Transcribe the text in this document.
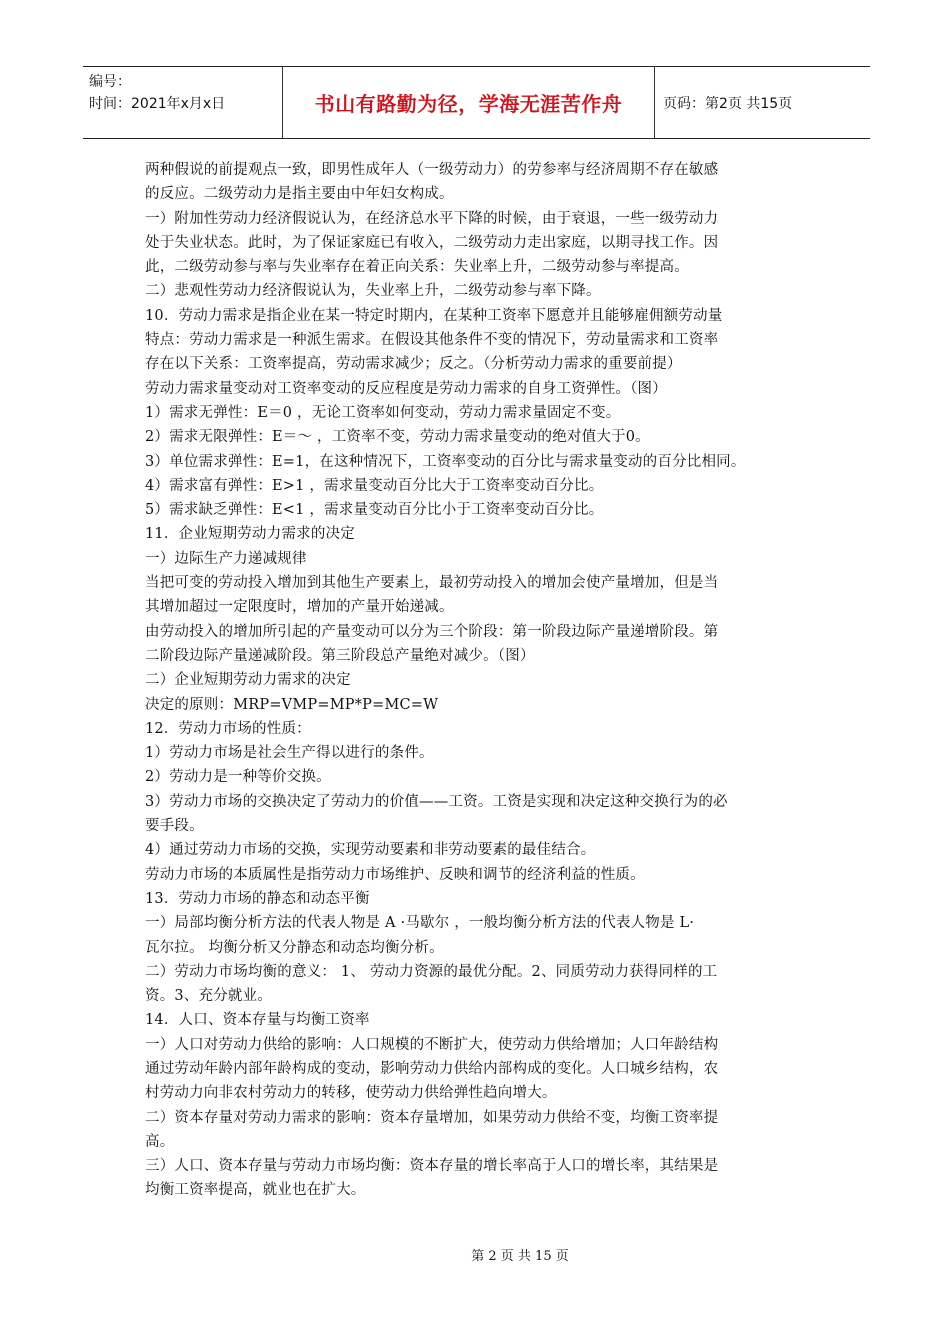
编号：
时间：2021年x月x日	书山有路勤为径，学海无涯苦作舟	页码：第2页 共15页
两种假说的前提观点一致，即男性成年人（一级劳动力）的劳参率与经济周期不存在敏感
的反应。二级劳动力是指主要由中年妇女构成。
一）附加性劳动力经济假说认为，在经济总水平下降的时候，由于衰退，一些一级劳动力
处于失业状态。此时，为了保证家庭已有收入，二级劳动力走出家庭，以期寻找工作。因
此，二级劳动参与率与失业率存在着正向关系：失业率上升，二级劳动参与率提高。
二）悲观性劳动力经济假说认为，失业率上升，二级劳动参与率下降。
10．劳动力需求是指企业在某一特定时期内，在某种工资率下愿意并且能够雇佣额劳动量
特点：劳动力需求是一种派生需求。在假设其他条件不变的情况下，劳动量需求和工资率
存在以下关系：工资率提高，劳动需求减少；反之。（分析劳动力需求的重要前提）
劳动力需求量变动对工资率变动的反应程度是劳动力需求的自身工资弹性。（图）
1）需求无弹性：E＝0 ，无论工资率如何变动，劳动力需求量固定不变。
2）需求无限弹性：E＝～ ，工资率不变，劳动力需求量变动的绝对值大于0。
3）单位需求弹性：E=1，在这种情况下，工资率变动的百分比与需求量变动的百分比相同。
4）需求富有弹性：E>1 ，需求量变动百分比大于工资率变动百分比。
5）需求缺乏弹性：E<1 ，需求量变动百分比小于工资率变动百分比。
11．企业短期劳动力需求的决定
一）边际生产力递减规律
当把可变的劳动投入增加到其他生产要素上，最初劳动投入的增加会使产量增加，但是当
其增加超过一定限度时，增加的产量开始递减。
由劳动投入的增加所引起的产量变动可以分为三个阶段：第一阶段边际产量递增阶段。第
二阶段边际产量递减阶段。第三阶段总产量绝对减少。（图）
二）企业短期劳动力需求的决定
决定的原则：MRP=VMP=MP*P=MC=W
12．劳动力市场的性质：
1）劳动力市场是社会生产得以进行的条件。
2）劳动力是一种等价交换。
3）劳动力市场的交换决定了劳动力的价值——工资。工资是实现和决定这种交换行为的必
要手段。
4）通过劳动力市场的交换，实现劳动要素和非劳动要素的最佳结合。
劳动力市场的本质属性是指劳动力市场维护、反映和调节的经济利益的性质。
13．劳动力市场的静态和动态平衡
一）局部均衡分析方法的代表人物是 A ·马歇尔 ，一般均衡分析方法的代表人物是 L·
瓦尔拉。 均衡分析又分静态和动态均衡分析。
二）劳动力市场均衡的意义： 1、 劳动力资源的最优分配。2、同质劳动力获得同样的工
资。3、充分就业。
14．人口、资本存量与均衡工资率
一）人口对劳动力供给的影响：人口规模的不断扩大，使劳动力供给增加；人口年龄结构
通过劳动年龄内部年龄构成的变动，影响劳动力供给内部构成的变化。人口城乡结构，农
村劳动力向非农村劳动力的转移，使劳动力供给弹性趋向增大。
二）资本存量对劳动力需求的影响：资本存量增加，如果劳动力供给不变，均衡工资率提
高。
三）人口、资本存量与劳动力市场均衡：资本存量的增长率高于人口的增长率，其结果是
均衡工资率提高，就业也在扩大。
第 2 页 共 15 页
